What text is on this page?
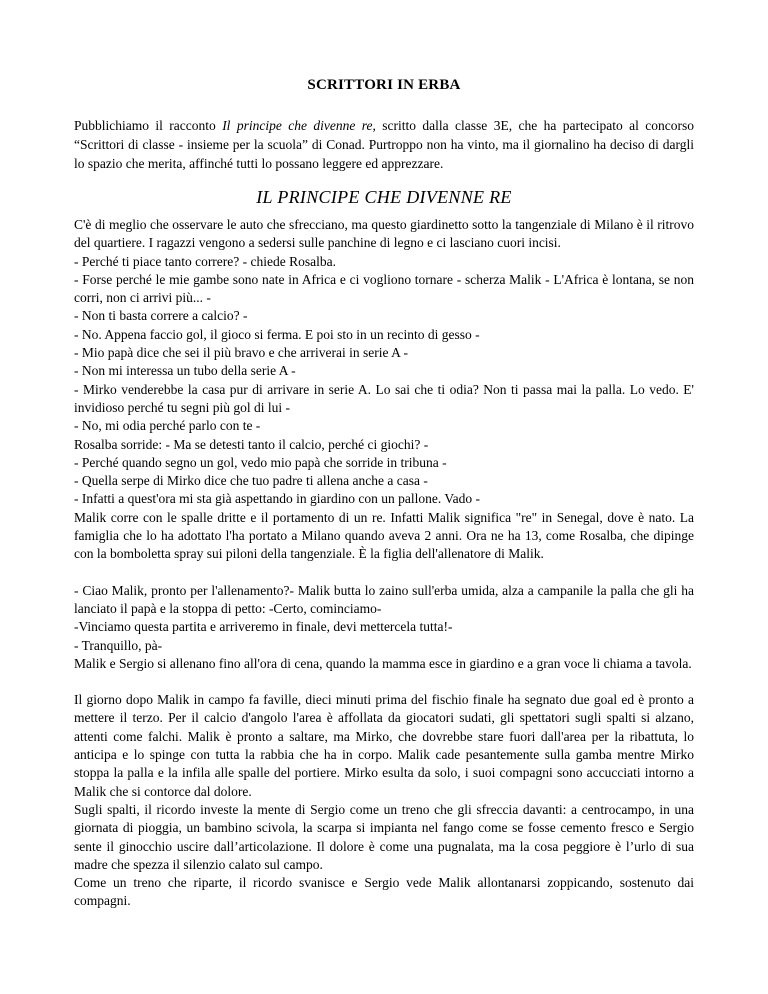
SCRITTORI IN ERBA
Pubblichiamo il racconto Il principe che divenne re, scritto dalla classe 3E, che ha partecipato al concorso “Scrittori di classe - insieme per la scuola” di Conad. Purtroppo non ha vinto, ma il giornalino ha deciso di dargli lo spazio che merita, affinché tutti lo possano leggere ed apprezzare.
IL PRINCIPE CHE DIVENNE RE

C'è di meglio che osservare le auto che sfrecciano, ma questo giardinetto sotto la tangenziale di Milano è il ritrovo del quartiere. I ragazzi vengono a sedersi sulle panchine di legno e ci lasciano cuori incisi.

- Perché ti piace tanto correre? - chiede Rosalba.

- Forse perché le mie gambe sono nate in Africa e ci vogliono tornare - scherza Malik - L'Africa è lontana, se non corri, non ci arrivi più... -

- Non ti basta correre a calcio? -

- No. Appena faccio gol, il gioco si ferma. E poi sto in un recinto di gesso -

- Mio papà dice che sei il più bravo e che arriverai in serie A -

- Non mi interessa un tubo della serie A -

- Mirko venderebbe la casa pur di arrivare in serie A. Lo sai che ti odia? Non ti passa mai la palla. Lo vedo. E' invidioso perché tu segni più gol di lui -

- No, mi odia perché parlo con te -

Rosalba sorride: - Ma se detesti tanto il calcio, perché ci giochi? -

- Perché quando segno un gol, vedo mio papà che sorride in tribuna -

- Quella serpe di Mirko dice che tuo padre ti allena anche a casa -

- Infatti a quest'ora mi sta già aspettando in giardino con un pallone. Vado -

Malik corre con le spalle dritte e il portamento di un re. Infatti Malik significa "re" in Senegal, dove è nato. La famiglia che lo ha adottato l'ha portato a Milano quando aveva 2 anni. Ora ne ha 13, come Rosalba, che dipinge con la bomboletta spray sui piloni della tangenziale. È la figlia dell'allenatore di Malik.

- Ciao Malik, pronto per l'allenamento?- Malik butta lo zaino sull'erba umida, alza a campanile la palla che gli ha lanciato il papà e la stoppa di petto: -Certo, cominciamo-

-Vinciamo questa partita e arriveremo in finale, devi mettercela tutta!-

- Tranquillo, pà-

Malik e Sergio si allenano fino all'ora di cena, quando la mamma esce in giardino e a gran voce li chiama a tavola.

Il giorno dopo Malik in campo fa faville, dieci minuti prima del fischio finale ha segnato due goal ed è pronto a mettere il terzo. Per il calcio d'angolo l'area è affollata da giocatori sudati, gli spettatori sugli spalti si alzano, attenti come falchi. Malik è pronto a saltare, ma Mirko, che dovrebbe stare fuori dall'area per la ribattuta, lo anticipa e lo spinge con tutta la rabbia che ha in corpo. Malik cade pesantemente sulla gamba mentre Mirko stoppa la palla e la infila alle spalle del portiere. Mirko esulta da solo, i suoi compagni sono accucciati intorno a Malik che si contorce dal dolore.

Sugli spalti, il ricordo investe la mente di Sergio come un treno che gli sfreccia davanti: a centrocampo, in una giornata di pioggia, un bambino scivola, la scarpa si impianta nel fango come se fosse cemento fresco e Sergio sente il ginocchio uscire dall’articolazione. Il dolore è come una pugnalata, ma la cosa peggiore è l’urlo di sua madre che spezza il silenzio calato sul campo.

Come un treno che riparte, il ricordo svanisce e Sergio vede Malik allontanarsi zoppicando, sostenuto dai compagni.
